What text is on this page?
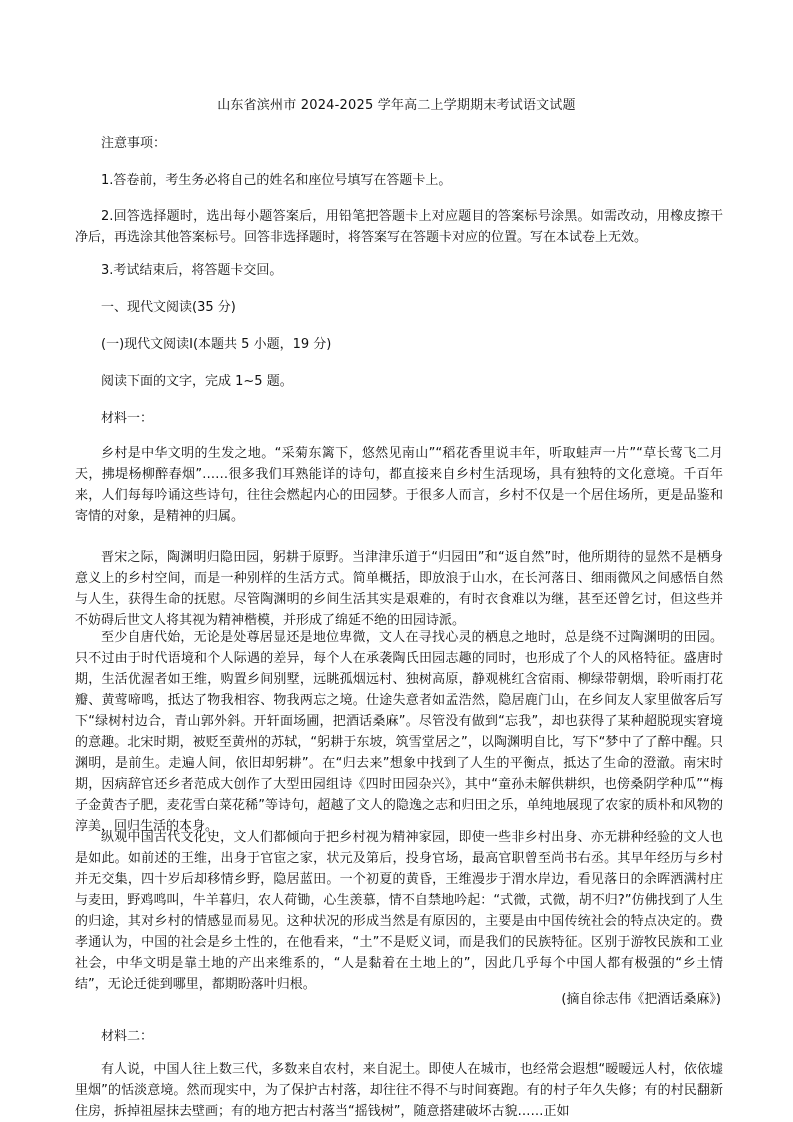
山东省滨州市 2024-2025 学年高二上学期期末考试语文试题
注意事项：
1.答卷前，考生务必将自己的姓名和座位号填写在答题卡上。
2.回答选择题时，选出每小题答案后，用铅笔把答题卡上对应题目的答案标号涂黑。如需改动，用橡皮擦干净后，再选涂其他答案标号。回答非选择题时，将答案写在答题卡对应的位置。写在本试卷上无效。
3.考试结束后，将答题卡交回。
一、现代文阅读(35 分)
(一)现代文阅读Ⅰ(本题共 5 小题，19 分)
阅读下面的文字，完成 1~5 题。
材料一：
乡村是中华文明的生发之地。“采菊东篱下，悠然见南山”“稻花香里说丰年，听取蛙声一片”“草长莺飞二月天，拂堤杨柳醉春烟”……很多我们耳熟能详的诗句，都直接来自乡村生活现场，具有独特的文化意境。千百年来，人们每每吟诵这些诗句，往往会燃起内心的田园梦。于很多人而言，乡村不仅是一个居住场所，更是品鉴和寄情的对象，是精神的归属。
晋宋之际，陶渊明归隐田园，躬耕于原野。当津津乐道于“归园田”和“返自然”时，他所期待的显然不是栖身意义上的乡村空间，而是一种别样的生活方式。简单概括，即放浪于山水，在长河落日、细雨微风之间感悟自然与人生，获得生命的抚慰。尽管陶渊明的乡间生活其实是艰难的，有时衣食难以为继，甚至还曾乞讨，但这些并不妨碍后世文人将其视为精神楷模，并形成了绵延不绝的田园诗派。
至少自唐代始，无论是处尊居显还是地位卑微，文人在寻找心灵的栖息之地时，总是绕不过陶渊明的田园。只不过由于时代语境和个人际遇的差异，每个人在承袭陶氏田园志趣的同时，也形成了个人的风格特征。盛唐时期，生活优渥者如王维，购置乡间别墅，远眺孤烟远村、独树高原，静观桃红含宿雨、柳绿带朝烟，聆听雨打花瓣、黄莺啼鸣，抵达了物我相容、物我两忘之境。仕途失意者如孟浩然，隐居鹿门山，在乡间友人家里做客后写下“绿树村边合，青山郭外斜。开轩面场圃，把酒话桑麻”。尽管没有做到“忘我”，却也获得了某种超脱现实窘境的意趣。北宋时期，被贬至黄州的苏轼，“躬耕于东坡，筑雪堂居之”，以陶渊明自比，写下“梦中了了醉中醒。只渊明，是前生。走遍人间，依旧却躬耕”。在“归去来”想象中找到了人生的平衡点，抵达了生命的澄澈。南宋时期，因病辞官还乡者范成大创作了大型田园组诗《四时田园杂兴》，其中“童孙未解供耕织，也傍桑阴学种瓜”“梅子金黄杏子肥，麦花雪白菜花稀”等诗句，超越了文人的隐逸之志和归田之乐，单纯地展现了农家的质朴和风物的淳美，回归生活的本身。
纵观中国古代文化史，文人们都倾向于把乡村视为精神家园，即使一些非乡村出身、亦无耕种经验的文人也是如此。如前述的王维，出身于官宦之家，状元及第后，投身官场，最高官职曾至尚书右丞。其早年经历与乡村并无交集，四十岁后却移情乡野，隐居蓝田。一个初夏的黄昏，王维漫步于渭水岸边，看见落日的余晖洒满村庄与麦田，野鸡鸣叫，牛羊暮归，农人荷锄，心生羡慕，情不自禁地吟起：“式微，式微，胡不归?”仿佛找到了人生的归途，其对乡村的情感显而易见。这种状况的形成当然是有原因的，主要是由中国传统社会的特点决定的。费孝通认为，中国的社会是乡土性的，在他看来，“土”不是贬义词，而是我们的民族特征。区别于游牧民族和工业社会，中华文明是靠土地的产出来维系的，“人是黏着在土地上的”，因此几乎每个中国人都有极强的“乡土情结”，无论迁徙到哪里，都期盼落叶归根。
(摘自徐志伟《把酒话桑麻》)
材料二：
有人说，中国人往上数三代，多数来自农村，来自泥土。即使人在城市，也经常会遐想“暧暧远人村，依依墟里烟”的恬淡意境。然而现实中，为了保护古村落，却往往不得不与时间赛跑。有的村子年久失修；有的村民翻新住房，拆掉祖屋抹去壁画；有的地方把古村落当“摇钱树”，随意搭建破坏古貌……正如
